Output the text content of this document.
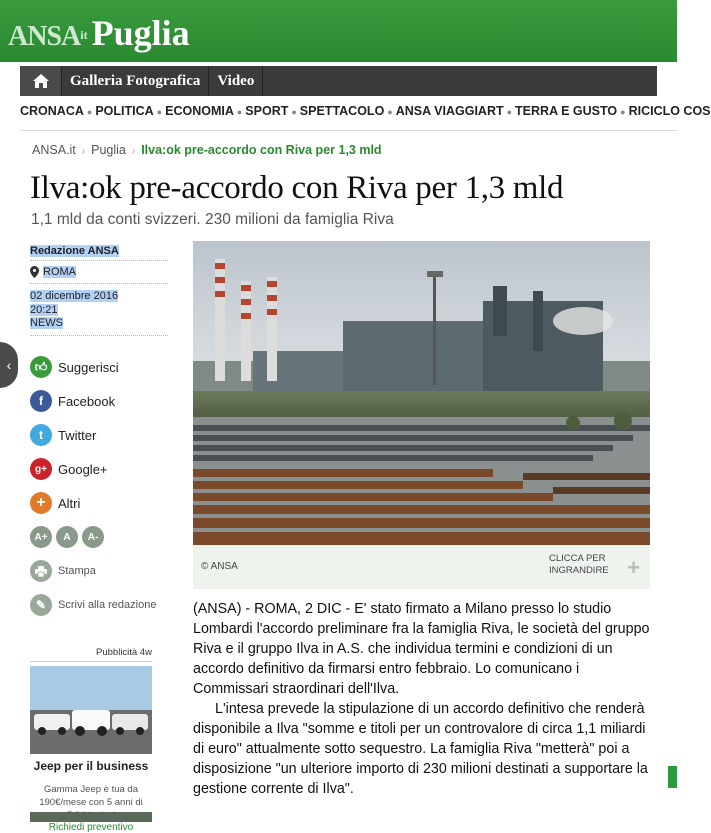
$ANSA^{it}$ Puglia
Galleria Fotografica	Video
CRONACA ● POLITICA ● ECONOMIA ● SPORT ● SPETTACOLO ● ANSA VIAGGIART ● TERRA E GUSTO ● RICICLO COS
ANSA.it › Puglia › Ilva:ok pre-accordo con Riva per 1,3 mld
Ilva:ok pre-accordo con Riva per 1,3 mld
1,1 mld da conti svizzeri. 230 milioni da famiglia Riva
‹
Redazione ANSA
ROMA
02 dicembre 2016
20:21
NEWS
👍︎ Suggerisci
f	Facebook
t	Twitter
g+ Google+
+ Altri
A+	A	A-
Stampa
✎	Scrivi alla redazione
Pubblicità 4w
Jeep per il business
Gamma Jeep è tua da 190€/mese con 5 anni di
Richiedi preventivo
© ANSA
CLICCA PER
INGRANDIRE +

(ANSA) - ROMA, 2 DIC - E' stato firmato a Milano presso lo studio Lombardi l'accordo preliminare fra la famiglia Riva, le società del gruppo Riva e il gruppo Ilva in A.S. che individua termini e condizioni di un accordo definitivo da firmarsi entro febbraio. Lo comunicano i Commissari straordinari dell'Ilva.

L'intesa prevede la stipulazione di un accordo definitivo che renderà disponibile a Ilva "somme e titoli per un controvalore di circa 1,1 miliardi di euro" attualmente sotto sequestro. La famiglia Riva "metterà" poi a disposizione "un ulteriore importo di 230 milioni destinati a supportare la gestione corrente di Ilva".
